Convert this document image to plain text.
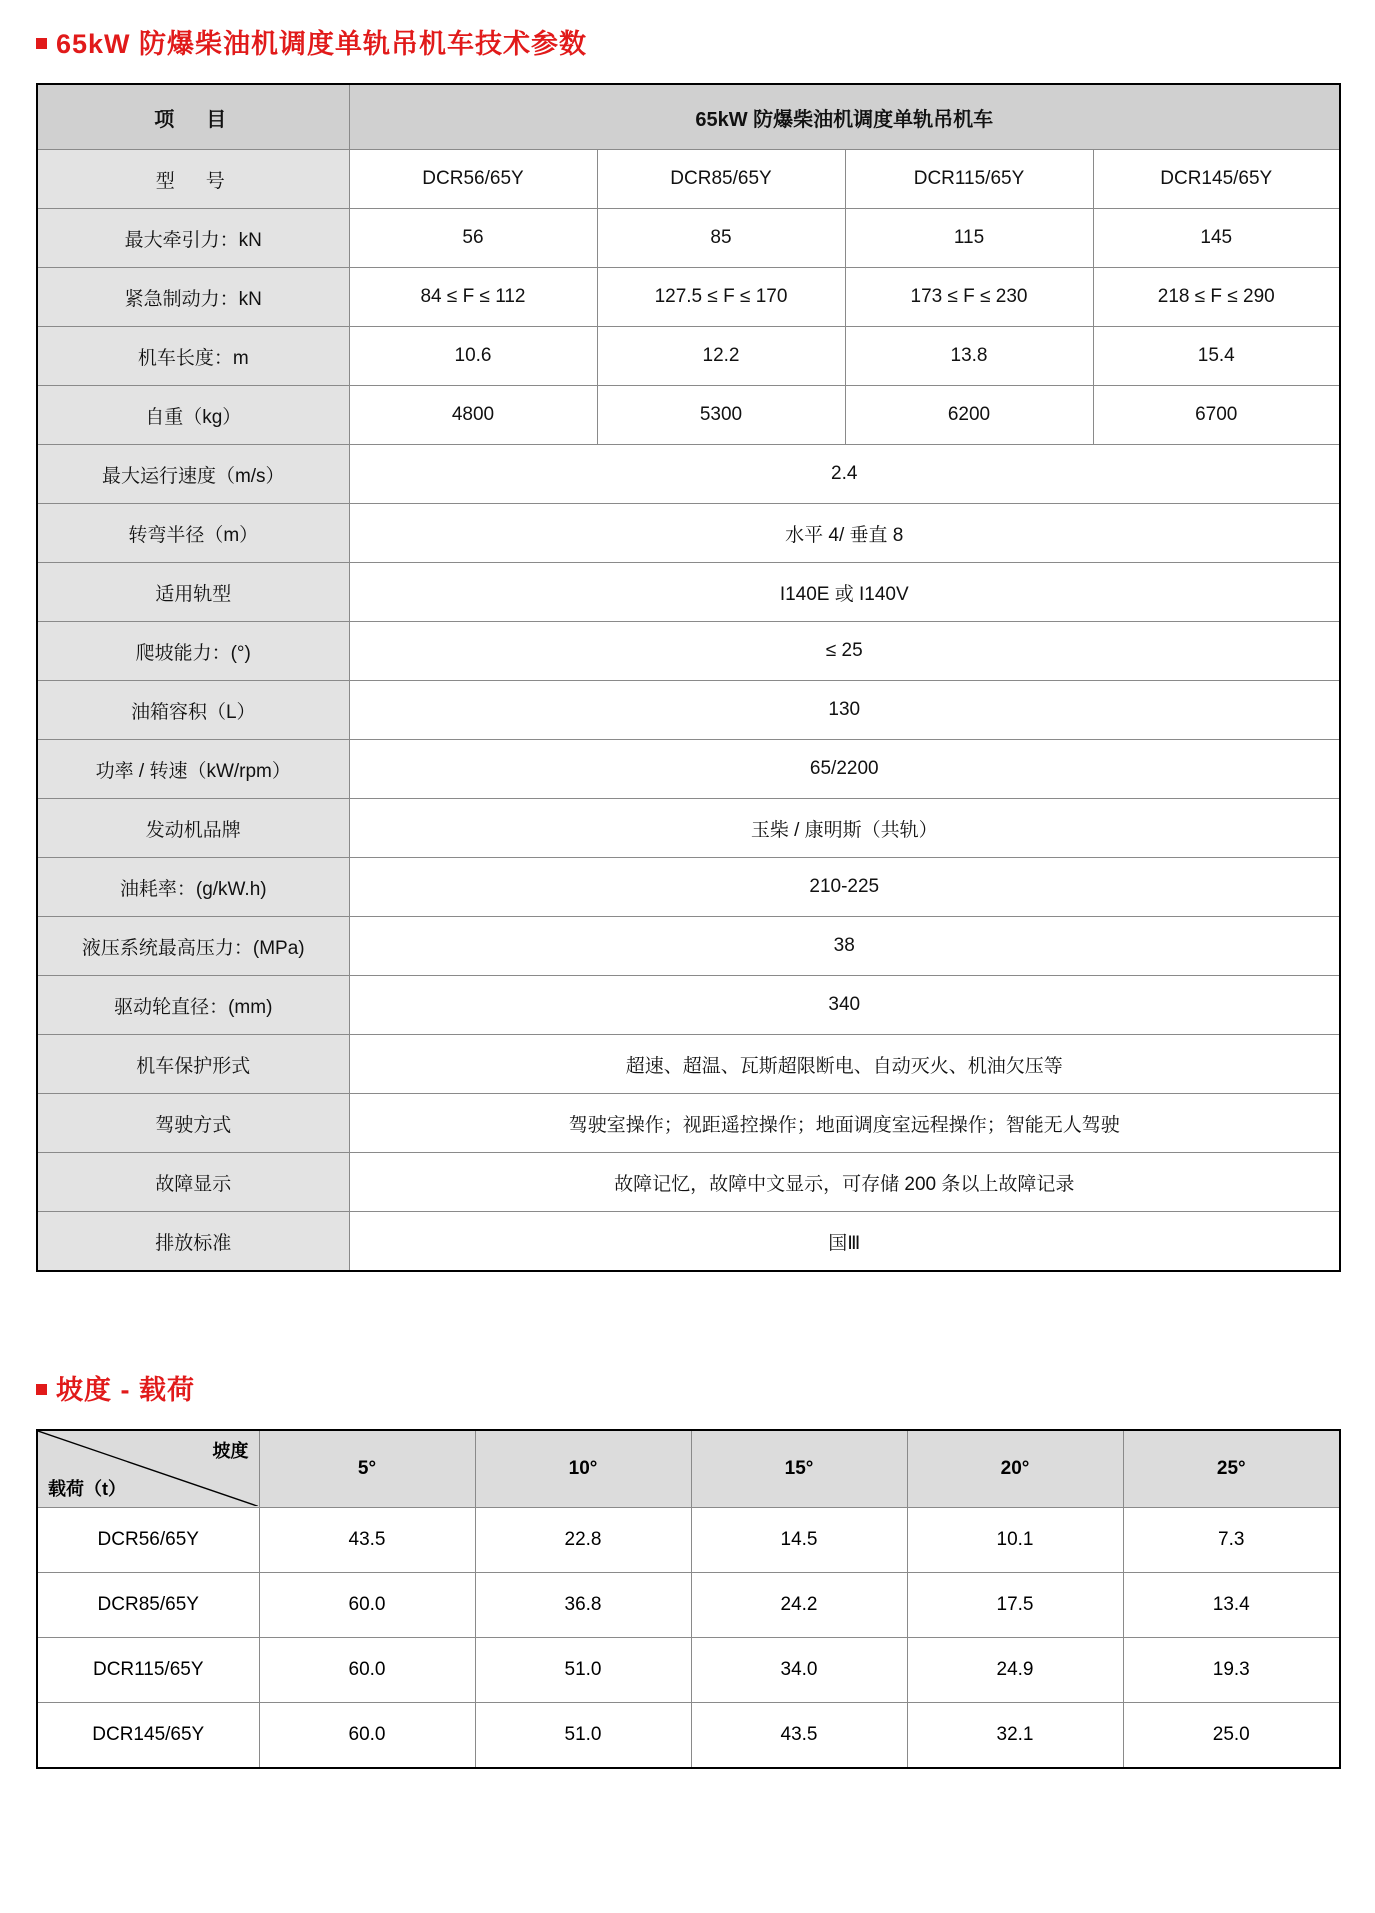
65kW 防爆柴油机调度单轨吊机车技术参数
项　目	65kW 防爆柴油机调度单轨吊机车			
型　号	DCR56/65Y	DCR85/65Y	DCR115/65Y	DCR145/65Y
最大牵引力：kN	56	85	115	145
紧急制动力：kN	84 ≤ F ≤ 112	127.5 ≤ F ≤ 170	173 ≤ F ≤ 230	218 ≤ F ≤ 290
机车长度：m	10.6	12.2	13.8	15.4
自重（kg）	4800	5300	6200	6700
最大运行速度（m/s）	2.4			
转弯半径（m）	水平 4/ 垂直 8			
适用轨型	I140E 或 I140V			
爬坡能力：(°)	≤ 25			
油箱容积（L）	130			
功率 / 转速（kW/rpm）	65/2200			
发动机品牌	玉柴 / 康明斯（共轨）			
油耗率：(g/kW.h)	210-225			
液压系统最高压力：(MPa)	38			
驱动轮直径：(mm)	340			
机车保护形式	超速、超温、瓦斯超限断电、自动灭火、机油欠压等			
驾驶方式	驾驶室操作；视距遥控操作；地面调度室远程操作；智能无人驾驶			
故障显示	故障记忆，故障中文显示，可存储 200 条以上故障记录			
排放标准	国Ⅲ			
坡度 - 载荷
坡度
载荷（t）	5°	10°	15°	20°	25°
DCR56/65Y	43.5	22.8	14.5	10.1	7.3
DCR85/65Y	60.0	36.8	24.2	17.5	13.4
DCR115/65Y	60.0	51.0	34.0	24.9	19.3
DCR145/65Y	60.0	51.0	43.5	32.1	25.0
